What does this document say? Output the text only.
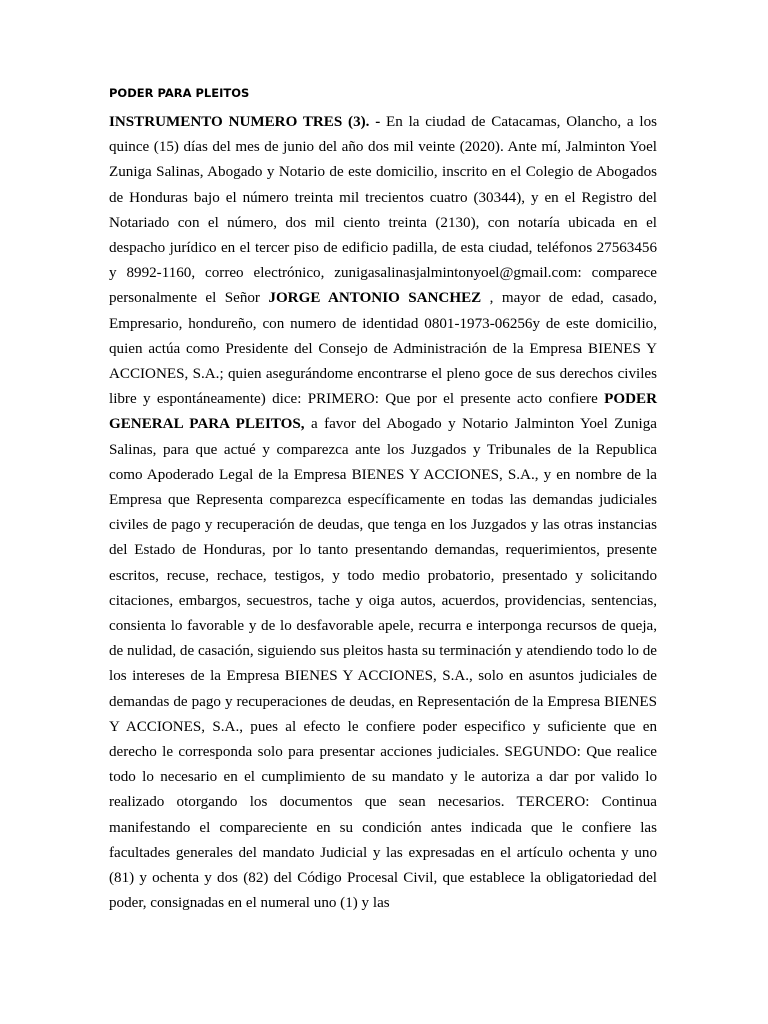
PODER PARA PLEITOS

INSTRUMENTO NUMERO TRES (3). - En la ciudad de Catacamas, Olancho, a los quince (15) días del mes de junio del año dos mil veinte (2020). Ante mí, Jalminton Yoel Zuniga Salinas, Abogado y Notario de este domicilio, inscrito en el Colegio de Abogados de Honduras bajo el número treinta mil trecientos cuatro (30344), y en el Registro del Notariado con el número, dos mil ciento treinta (2130), con notaría ubicada en el despacho jurídico en el tercer piso de edificio padilla, de esta ciudad, teléfonos 27563456 y 8992-1160, correo electrónico, zunigasalinasjalmintonyoel@gmail.com: comparece personalmente el Señor JORGE ANTONIO SANCHEZ , mayor de edad, casado, Empresario, hondureño, con numero de identidad 0801-1973-06256y de este domicilio, quien actúa como Presidente del Consejo de Administración de la Empresa BIENES Y ACCIONES, S.A.; quien asegurándome encontrarse el pleno goce de sus derechos civiles libre y espontáneamente) dice: PRIMERO: Que por el presente acto confiere PODER GENERAL PARA PLEITOS, a favor del Abogado y Notario Jalminton Yoel Zuniga Salinas, para que actué y comparezca ante los Juzgados y Tribunales de la Republica como Apoderado Legal de la Empresa BIENES Y ACCIONES, S.A., y en nombre de la Empresa que Representa comparezca específicamente en todas las demandas judiciales civiles de pago y recuperación de deudas, que tenga en los Juzgados y las otras instancias del Estado de Honduras, por lo tanto presentando demandas, requerimientos, presente escritos, recuse, rechace, testigos, y todo medio probatorio, presentado y solicitando citaciones, embargos, secuestros, tache y oiga autos, acuerdos, providencias, sentencias, consienta lo favorable y de lo desfavorable apele, recurra e interponga recursos de queja, de nulidad, de casación, siguiendo sus pleitos hasta su terminación y atendiendo todo lo de los intereses de la Empresa BIENES Y ACCIONES, S.A., solo en asuntos judiciales de demandas de pago y recuperaciones de deudas, en Representación de la Empresa BIENES Y ACCIONES, S.A., pues al efecto le confiere poder especifico y suficiente que en derecho le corresponda solo para presentar acciones judiciales. SEGUNDO: Que realice todo lo necesario en el cumplimiento de su mandato y le autoriza a dar por valido lo realizado otorgando los documentos que sean necesarios. TERCERO: Continua manifestando el compareciente en su condición antes indicada que le confiere las facultades generales del mandato Judicial y las expresadas en el artículo ochenta y uno (81) y ochenta y dos (82) del Código Procesal Civil, que establece la obligatoriedad del poder, consignadas en el numeral uno (1) y las
